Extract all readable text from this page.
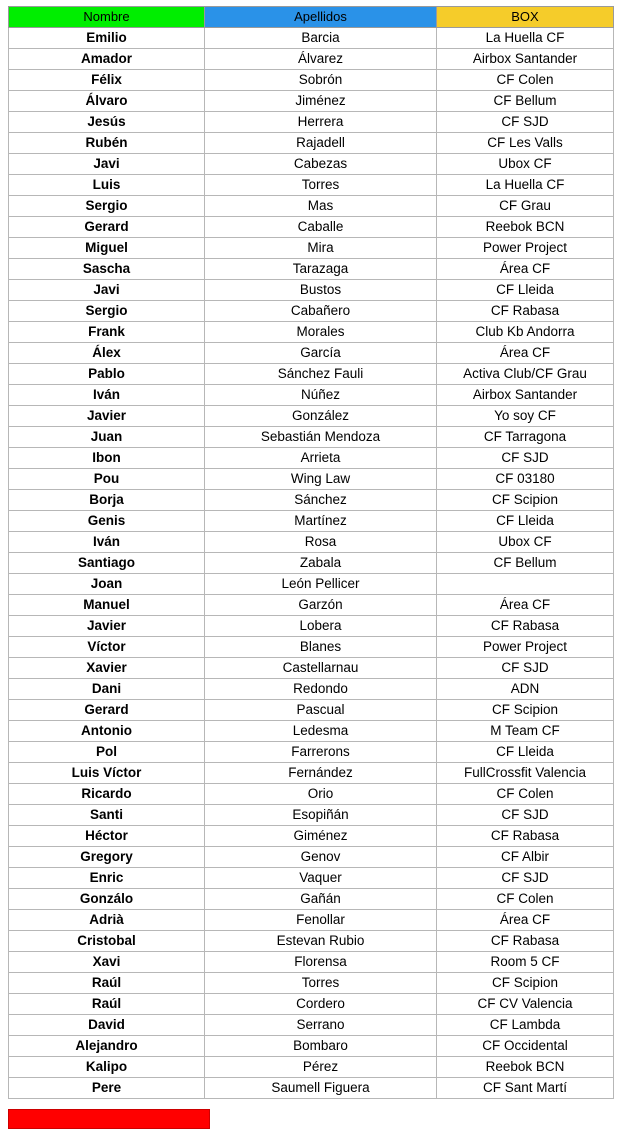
Nombre	Apellidos	BOX
Emilio	Barcia	La Huella CF
Amador	Álvarez	Airbox Santander
Félix	Sobrón	CF Colen
Álvaro	Jiménez	CF Bellum
Jesús	Herrera	CF SJD
Rubén	Rajadell	CF Les Valls
Javi	Cabezas	Ubox CF
Luis	Torres	La Huella CF
Sergio	Mas	CF Grau
Gerard	Caballe	Reebok BCN
Miguel	Mira	Power Project
Sascha	Tarazaga	Área CF
Javi	Bustos	CF Lleida
Sergio	Cabañero	CF Rabasa
Frank	Morales	Club Kb Andorra
Álex	García	Área CF
Pablo	Sánchez Fauli	Activa Club/CF Grau
Iván	Núñez	Airbox Santander
Javier	González	Yo soy CF
Juan	Sebastián Mendoza	CF Tarragona
Ibon	Arrieta	CF SJD
Pou	Wing Law	CF 03180
Borja	Sánchez	CF Scipion
Genis	Martínez	CF Lleida
Iván	Rosa	Ubox CF
Santiago	Zabala	CF Bellum
Joan	León Pellicer	
Manuel	Garzón	Área CF
Javier	Lobera	CF Rabasa
Víctor	Blanes	Power Project
Xavier	Castellarnau	CF SJD
Dani	Redondo	ADN
Gerard	Pascual	CF Scipion
Antonio	Ledesma	M Team CF
Pol	Farrerons	CF Lleida
Luis Víctor	Fernández	FullCrossfit Valencia
Ricardo	Orio	CF Colen
Santi	Esopiñán	CF SJD
Héctor	Giménez	CF Rabasa
Gregory	Genov	CF Albir
Enric	Vaquer	CF SJD
Gonzálo	Gañán	CF Colen
Adrià	Fenollar	Área CF
Cristobal	Estevan Rubio	CF Rabasa
Xavi	Florensa	Room 5 CF
Raúl	Torres	CF Scipion
Raúl	Cordero	CF CV Valencia
David	Serrano	CF Lambda
Alejandro	Bombaro	CF Occidental
Kalipo	Pérez	Reebok BCN
Pere	Saumell Figuera	CF Sant Martí
